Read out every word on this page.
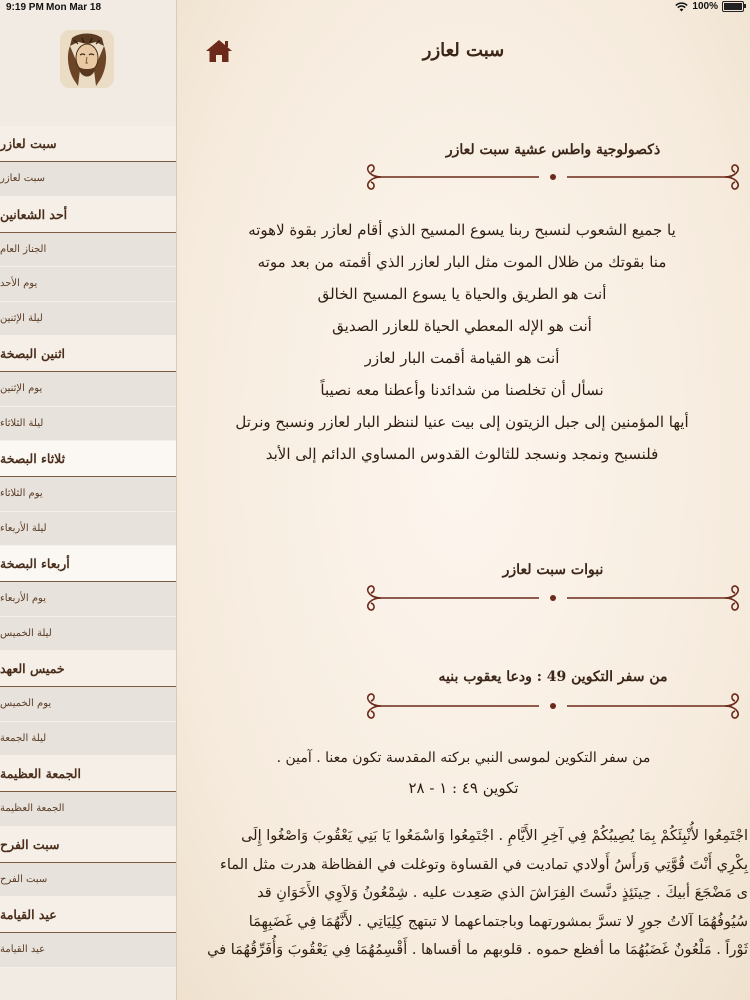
9:19 PM Mon Mar 18	100%
سبت لعازر
سبت لعازر
أحد الشعانين
الجناز العام
يوم الأحد
ليلة الإثنين
اثنين البصخة
يوم الإثنين
ليلة الثلاثاء
ثلاثاء البصخة
يوم الثلاثاء
ليلة الأربعاء
أربعاء البصخة
يوم الأربعاء
ليلة الخميس
خميس العهد
يوم الخميس
ليلة الجمعة
الجمعة العظيمة
الجمعة العظيمة
سبت الفرح
سبت الفرح
عيد القيامة
عيد القيامة
سبت لعازر
ذكصولوجية واطس عشية سبت لعازر
يا جميع الشعوب لنسبح ربنا يسوع المسيح الذي أقام لعازر بقوة لاهوته
منا بقوتك من ظلال الموت مثل البار لعازر الذي أقمته من بعد موته
أنت هو الطريق والحياة يا يسوع المسيح الخالق
أنت هو الإله المعطي الحياة للعازر الصديق
أنت هو القيامة أقمت البار لعازر
نسأل أن تخلصنا من شدائدنا وأعطنا معه نصيباً
أيها المؤمنين إلى جبل الزيتون إلى بيت عنيا لننظر البار لعازر ونسبح ونرتل
فلنسبح ونمجد ونسجد للثالوث القدوس المساوي الدائم إلى الأبد
نبوات سبت لعازر
من سفر التكوين 49 : ودعا يعقوب بنيه
من سفر التكوين لموسى النبي بركته المقدسة تكون معنا . آمين .
تكوين ٤٩ : ١ - ٢٨
اجْتَمِعُوا لأُنْبِئَكُمْ بِمَا يُصِيبُكُمْ فِي آخِرِ الأَيَّامِ . اجْتَمِعُوا وَاسْمَعُوا يَا بَنِي يَعْقُوبَ وَاصْغُوا إِلَى
بِكْرِي أَنْتَ قُوَّتِي وَرأَسُ أَولادي تماديت في القساوة وتوغلت في الفظاظة هدرت مثل الماء
ى مَضْجَعَ أبيكَ . حِينَئِذٍ دنَّستَ الفِرَاشَ الذي صَعِدت عليه . شِمْعُونُ وَلاَوِي الأَخَوَانِ قد
سُيُوفُهُمَا آلاتُ جورٍ لا تسرَّ بمشورتهما وباجتماعهما لا تبتهج كِلِيَاتِي . لأَنَّهُمَا فِي غَضَبِهِمَا
ثَوْراً . مَلْعُونٌ غَضَبُهُمَا ما أفظع حموه . قلوبهم ما أقساها . أَقْسِمُهُمَا فِي يَعْقُوبَ وَأُفَرِّقُهُمَا في
